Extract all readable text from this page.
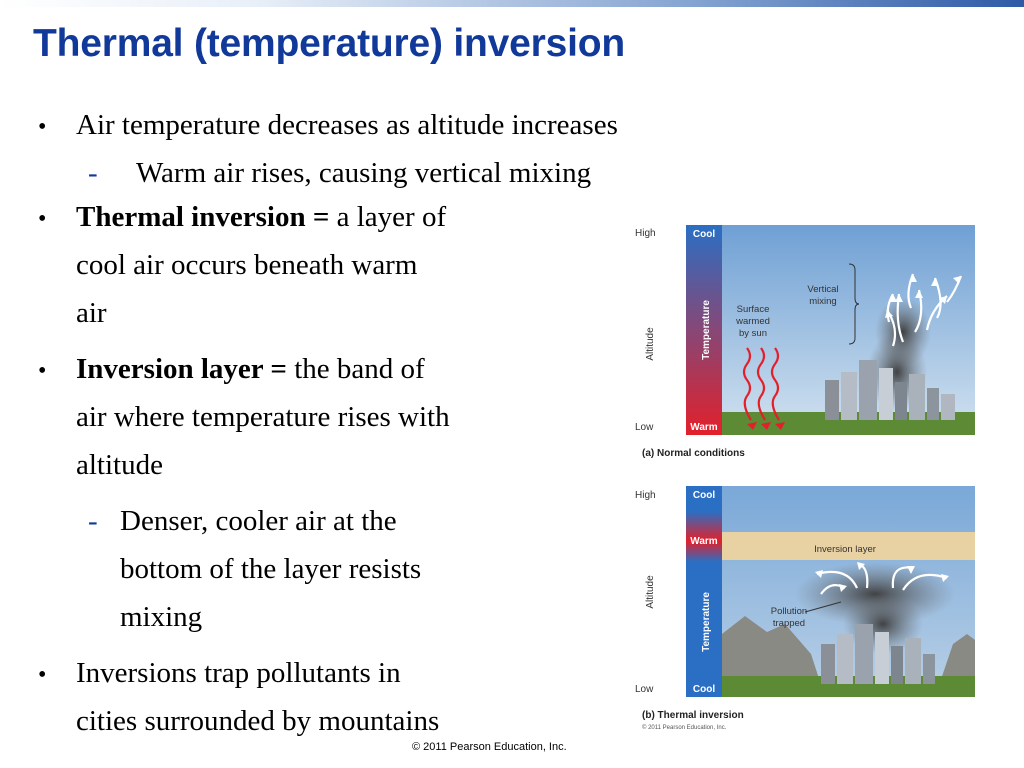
Thermal (temperature) inversion
• Air temperature decreases as altitude increases
- Warm air rises, causing vertical mixing
• Thermal inversion = a layer of
cool air occurs beneath warm
air
• Inversion layer = the band of
air where temperature rises with
altitude
- Denser, cooler air at the
bottom of the layer resists
mixing
• Inversions trap pollutants in
cities surrounded by mountains
High
Low
Altitude
Cool
Warm
Temperature
Vertical
mixing
Surface
warmed
by sun
(a) Normal conditions
High
Low
Altitude
Cool
Warm
Cool
Temperature
Inversion layer
Pollution
trapped
(b) Thermal inversion
© 2011 Pearson Education, Inc.
© 2011 Pearson Education, Inc.
